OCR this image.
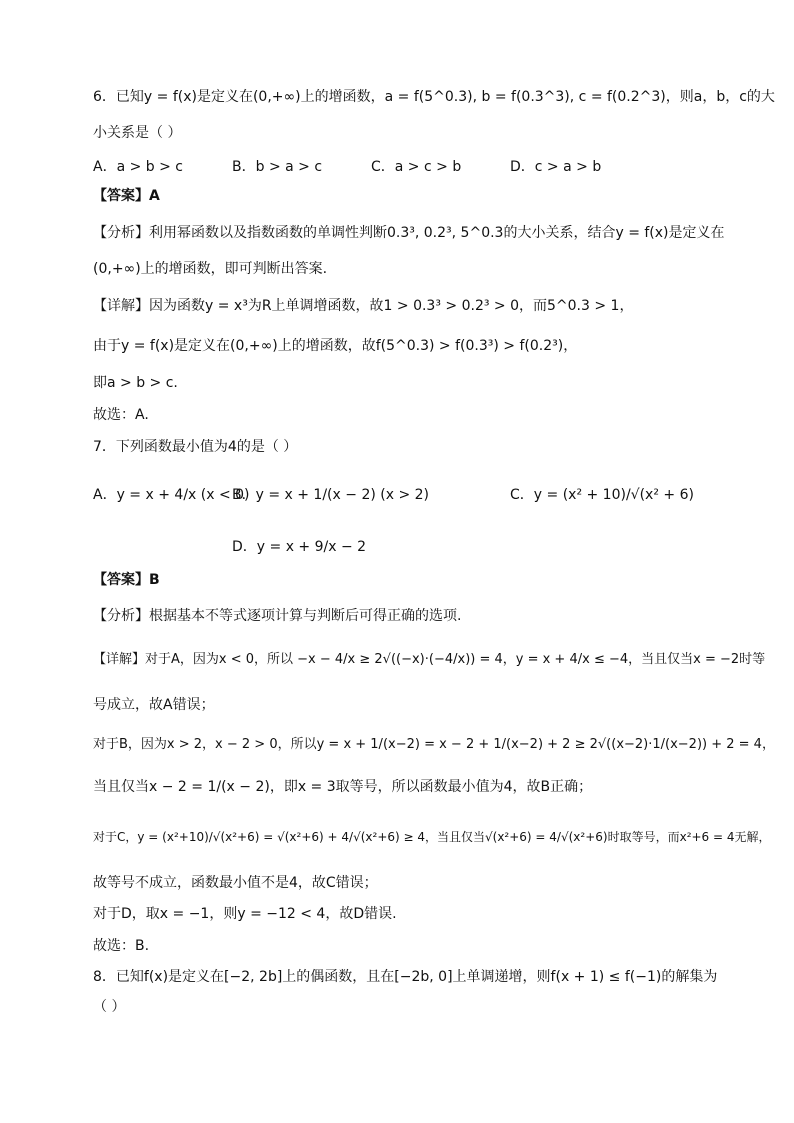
6．已知y = f(x)是定义在(0,+∞)上的增函数，a = f(5^0.3), b = f(0.3^3), c = f(0.2^3)，则a，b，c的大
小关系是（ ）
A．a > b > c	B．b > a > c	C．a > c > b	D．c > a > b
【答案】A
【分析】利用幂函数以及指数函数的单调性判断0.3³, 0.2³, 5^0.3的大小关系，结合y = f(x)是定义在
(0,+∞)上的增函数，即可判断出答案.
【详解】因为函数y = x³为R上单调增函数，故1 > 0.3³ > 0.2³ > 0，而5^0.3 > 1，
由于y = f(x)是定义在(0,+∞)上的增函数，故f(5^0.3) > f(0.3³) > f(0.2³)，
即a > b > c.
故选：A.
7．下列函数最小值为4的是（ ）
A．y = x + 4/x (x < 0)
B．y = x + 1/(x − 2) (x > 2)	C．y = (x² + 10)/√(x² + 6)
D．y = x + 9/x − 2
【答案】B
【分析】根据基本不等式逐项计算与判断后可得正确的选项.
【详解】对于A，因为x < 0，所以 −x − 4/x ≥ 2√((−x)·(−4/x)) = 4，y = x + 4/x ≤ −4，当且仅当x = −2时等
号成立，故A错误；
对于B，因为x > 2，x − 2 > 0，所以y = x + 1/(x−2) = x − 2 + 1/(x−2) + 2 ≥ 2√((x−2)·1/(x−2)) + 2 = 4，
当且仅当x − 2 = 1/(x − 2)，即x = 3取等号，所以函数最小值为4，故B正确；
对于C，y = (x²+10)/√(x²+6) = √(x²+6) + 4/√(x²+6) ≥ 4，当且仅当√(x²+6) = 4/√(x²+6)时取等号，而x²+6 = 4无解，
故等号不成立，函数最小值不是4，故C错误；
对于D，取x = −1，则y = −12 < 4，故D错误.
故选：B.
8．已知f(x)是定义在[−2, 2b]上的偶函数，且在[−2b, 0]上单调递增，则f(x + 1) ≤ f(−1)的解集为
（ ）
